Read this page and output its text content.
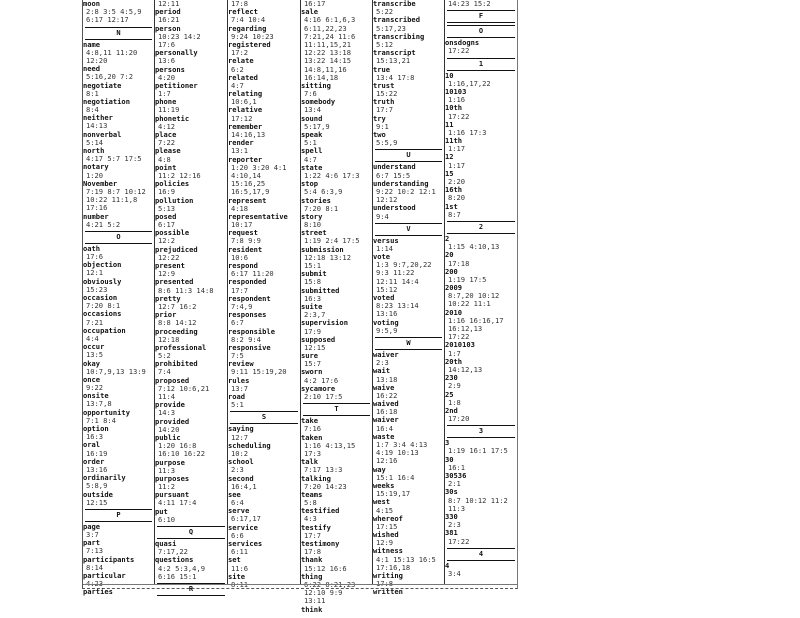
moon
2:8 3:5 4:5,9
6:17 12:17
N
name
4:8,11 11:20
12:20
need
5:16,20 7:2
negotiate
8:1
negotiation
8:4
neither
14:13
nonverbal
5:14
north
4:17 5:7 17:5
notary
1:20
November
7:19 8:7 10:12
10:22 11:1,8
17:16
number
4:21 5:2
O
oath
17:6
objection
12:1
obviously
15:23
occasion
7:20 8:1
occasions
7:21
occupation
4:4
occur
13:5
okay
10:7,9,13 13:9
once
9:22
onsite
13:7,8
opportunity
7:1 8:4
option
16:3
oral
16:19
order
13:16
ordinarily
5:8,9
outside
12:15
P
page
3:7
part
7:13
participants
8:14
particular
4:23
parties
12:11
period
16:21
person
10:23 14:2
17:6
personally
13:6
persons
4:20
petitioner
1:7
phone
11:19
phonetic
4:12
place
7:22
please
4:8
point
11:2 12:16
policies
16:9
pollution
5:13
posed
6:17
possible
12:2
prejudiced
12:22
present
12:9
presented
8:6 11:3 14:8
pretty
12:7 16:2
prior
8:8 14:12
proceeding
12:18
professional
5:2
prohibited
7:4
proposed
7:12 10:6,21
11:4
provide
14:3
provided
14:20
public
1:20 16:8
16:10 16:22
purpose
11:3
purposes
11:2
pursuant
4:11 17:4
put
6:10
Q
quasi
7:17,22
questions
4:2 5:3,4,9
6:16 15:1
R
17:8
reflect
7:4 10:4
regarding
9:24 10:23
registered
17:2
relate
6:2
related
4:7
relating
10:6,1
relative
17:12
remember
14:16,13
render
13:1
reporter
1:20 3:20 4:1
4:10,14
15:16,25
16:5,17,9
represent
4:18
representative
10:17
request
7:8 9:9
resident
10:6
respond
6:17 11:20
responded
17:7
respondent
7:4,9
responses
6:7
responsible
8:2 9:4
responsive
7:5
review
9:11 15:19,20
rules
13:7
road
5:1
S
saying
12:7
scheduling
10:2
school
2:3
second
16:4,1
see
6:4
serve
6:17,17
service
6:6
services
6:11
set
11:6
site
8:11
16:17
sale
4:16 6:1,6,3
6:11,22,23
7:21,24 11:6
11:11,15,21
12:22 13:18
13:22 14:15
14:8,11,16
16:14,18
sitting
7:6
somebody
13:4
sound
5:17,9
speak
5:1
spell
4:7
state
1:22 4:6 17:3
stop
5:4 6:3,9
stories
7:20 8:1
story
8:10
street
1:19 2:4 17:5
submission
12:18 13:12
15:1
submit
15:8
submitted
16:3
suite
2:3,7
supervision
17:9
supposed
12:15
sure
15:7
sworn
4:2 17:6
sycamore
2:10 17:5
T
take
7:16
taken
1:16 4:13,15
17:3
talk
7:17 13:3
talking
7:20 14:23
teams
5:8
testified
4:3
testify
17:7
testimony
17:8
thank
15:12 16:6
thing
6:22 8:21,23
12:10 9:9
13:11
think
transcribe
5:22
transcribed
5:17,23
transcribing
5:12
transcript
15:13,21
true
13:4 17:8
trust
15:22
truth
17:7
try
9:1
two
5:5,9
U
understand
6:7 15:5
understanding
9:22 10:2 12:1
12:12
understood
9:4
V
versus
1:14
vote
1:3 9:7,20,22
9:3 11:22
12:11 14:4
15:12
voted
8:23 13:14
13:16
voting
9:5,9
W
waiver
2:3
wait
13:18
waive
16:22
waived
16:18
waiver
16:4
waste
1:7 3:4 4:13
4:19 10:13
12:16
way
15:1 16:4
weeks
15:19,17
west
4:15
whereof
17:15
wished
12:9
witness
4:1 15:13 16:5
17:16,18
writing
17:8
written
14:23 15:2
F
O
onsdogns
17:22
1
10
1:16,17,22
10103
1:16
10th
17:22
11
1:16 17:3
11th
1:17
12
1:17
15
2:20
16th
8:20
1st
8:7
2
2
1:15 4:10,13
20
17:18
200
1:19 17:5
2009
8:7,20 10:12
10:22 11:1
2010
1:16 16:16,17
16:12,13
17:22
2010103
1:7
20th
14:12,13
230
2:9
25
1:8
2nd
17:20
3
3
1:19 16:1 17:5
30
16:1
30536
2:1
30s
8:7 10:12 11:2
11:3
330
2:3
381
17:22
4
4
3:4
